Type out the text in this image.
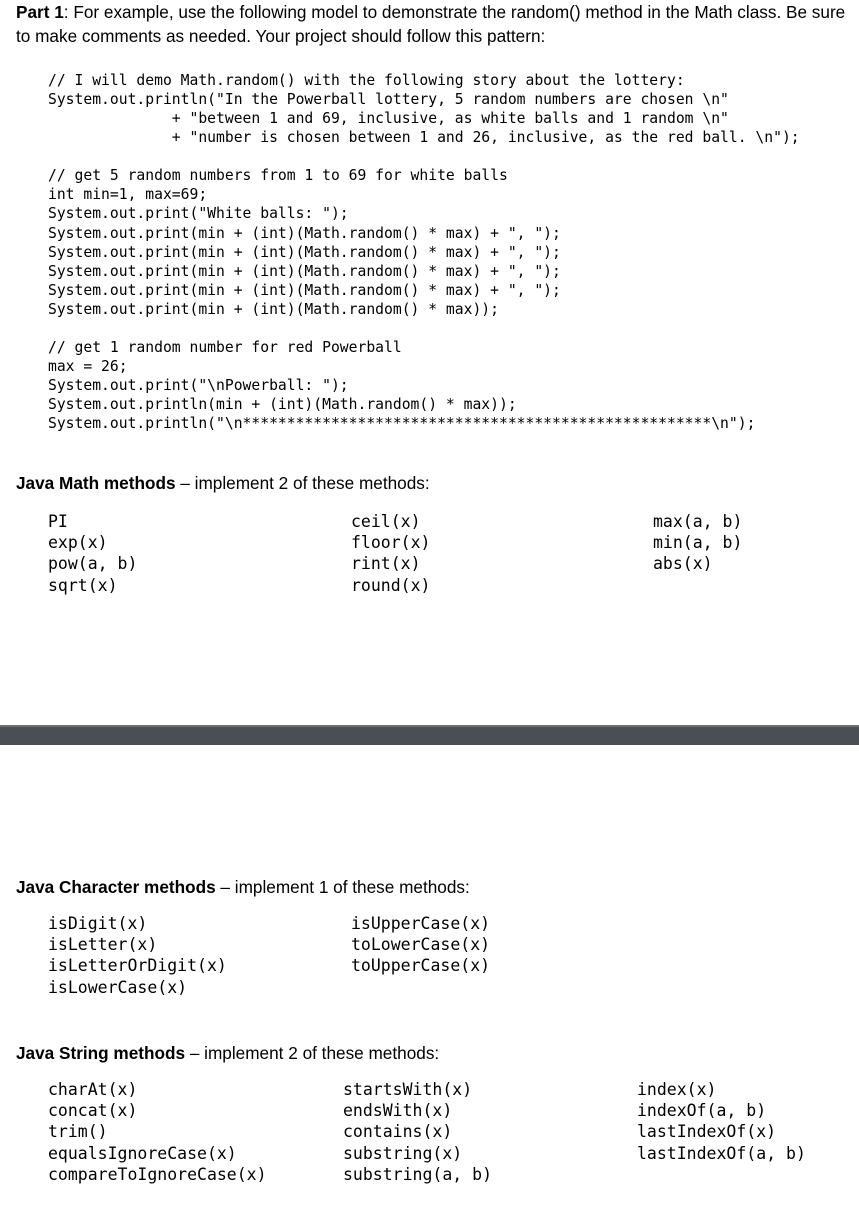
Part 1: For example, use the following model to demonstrate the random() method in the Math class. Be sure to make comments as needed. Your project should follow this pattern:
// I will demo Math.random() with the following story about the lottery:
System.out.println("In the Powerball lottery, 5 random numbers are chosen \n"
+ "between 1 and 69, inclusive, as white balls and 1 random \n"
+ "number is chosen between 1 and 26, inclusive, as the red ball. \n");

// get 5 random numbers from 1 to 69 for white balls
int min=1, max=69;
System.out.print("White balls: ");
System.out.print(min + (int)(Math.random() * max) + ", ");
System.out.print(min + (int)(Math.random() * max) + ", ");
System.out.print(min + (int)(Math.random() * max) + ", ");
System.out.print(min + (int)(Math.random() * max) + ", ");
System.out.print(min + (int)(Math.random() * max));

// get 1 random number for red Powerball
max = 26;
System.out.print("\nPowerball: ");
System.out.println(min + (int)(Math.random() * max));
System.out.println("\n*****************************************************\n");
Java Math methods – implement 2 of these methods:
PI
exp(x)
pow(a, b)
sqrt(x)
ceil(x)
floor(x)
rint(x)
round(x)
max(a, b)
min(a, b)
abs(x)
Java Character methods – implement 1 of these methods:
isDigit(x)
isLetter(x)
isLetterOrDigit(x)
isLowerCase(x)
isUpperCase(x)
toLowerCase(x)
toUpperCase(x)
Java String methods – implement 2 of these methods:
charAt(x)
concat(x)
trim()
equalsIgnoreCase(x)
compareToIgnoreCase(x)
startsWith(x)
endsWith(x)
contains(x)
substring(x)
substring(a, b)
index(x)
indexOf(a, b)
lastIndexOf(x)
lastIndexOf(a, b)
